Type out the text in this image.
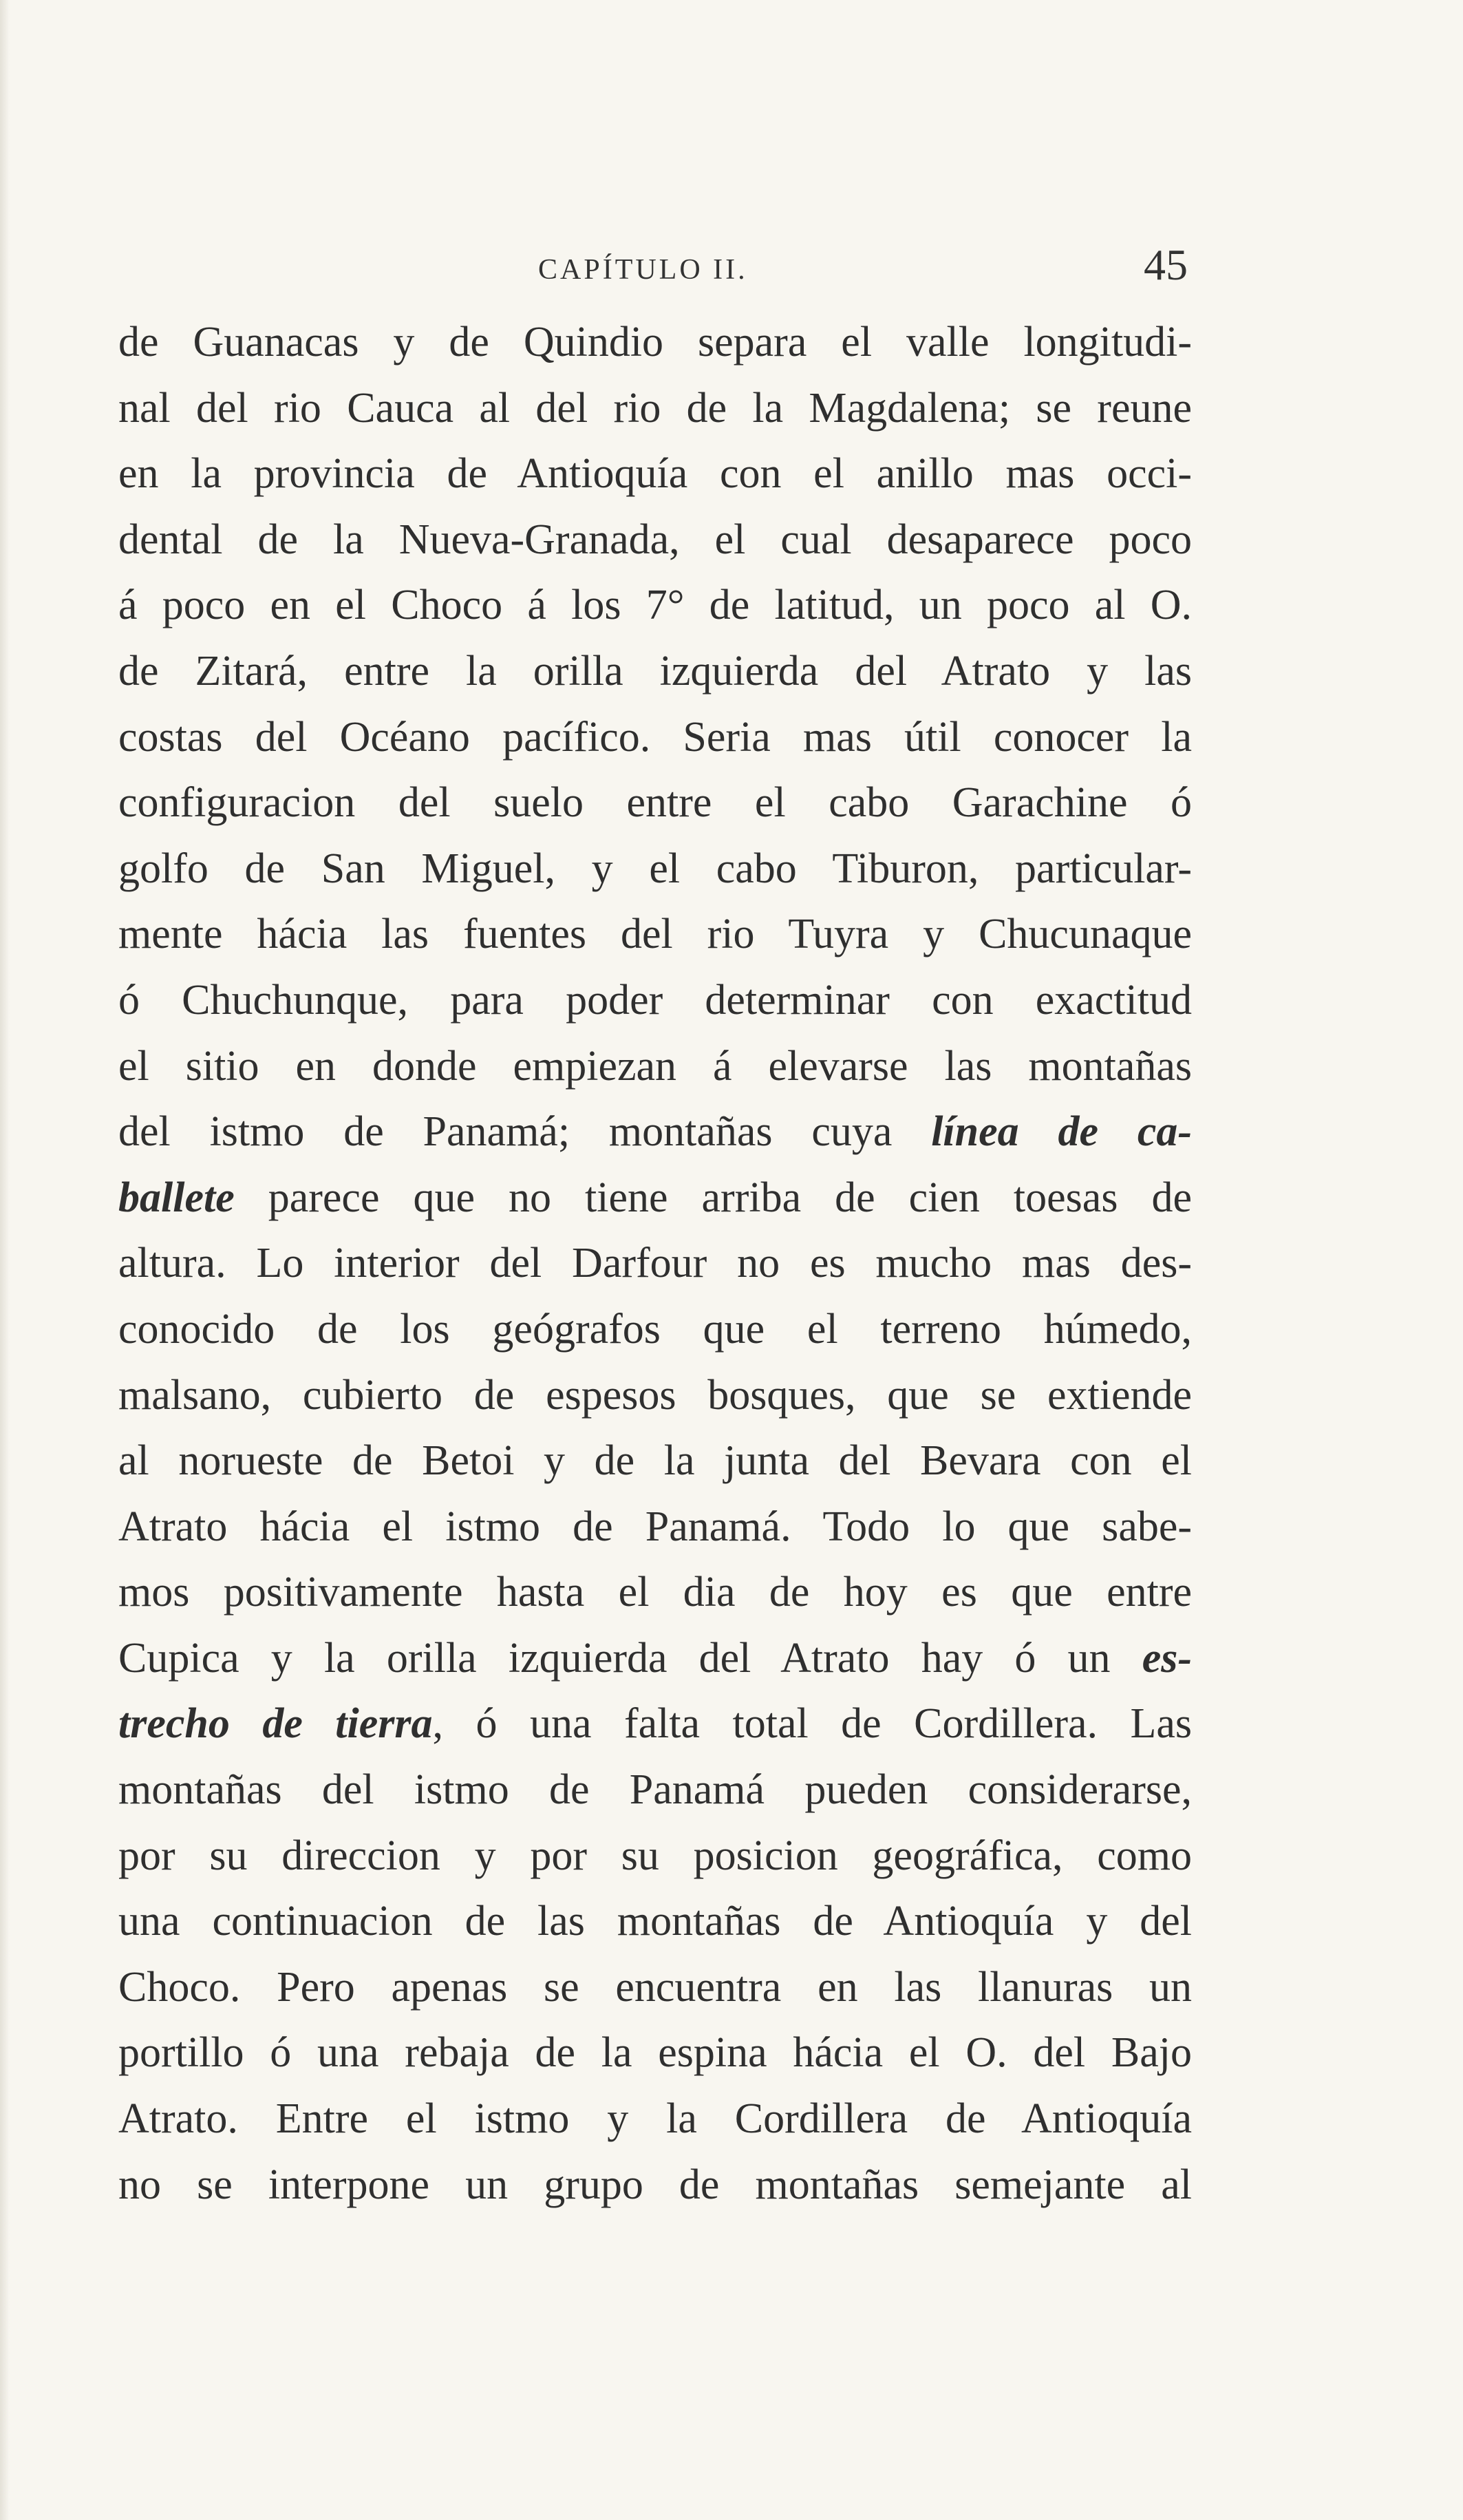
CAPÍTULO II.	45
de Guanacas y de Quindio separa el valle longitudi-
nal del rio Cauca al del rio de la Magdalena; se reune
en la provincia de Antioquía con el anillo mas occi-
dental de la Nueva-Granada, el cual desaparece poco
á poco en el Choco á los 7° de latitud, un poco al O.
de Zitará, entre la orilla izquierda del Atrato y las
costas del Océano pacífico. Seria mas útil conocer la
configuracion del suelo entre el cabo Garachine ó
golfo de San Miguel, y el cabo Tiburon, particular-
mente hácia las fuentes del rio Tuyra y Chucunaque
ó Chuchunque, para poder determinar con exactitud
el sitio en donde empiezan á elevarse las montañas
del istmo de Panamá; montañas cuya línea de ca-
ballete parece que no tiene arriba de cien toesas de
altura. Lo interior del Darfour no es mucho mas des-
conocido de los geógrafos que el terreno húmedo,
malsano, cubierto de espesos bosques, que se extiende
al norueste de Betoi y de la junta del Bevara con el
Atrato hácia el istmo de Panamá. Todo lo que sabe-
mos positivamente hasta el dia de hoy es que entre
Cupica y la orilla izquierda del Atrato hay ó un es-
trecho de tierra, ó una falta total de Cordillera. Las
montañas del istmo de Panamá pueden considerarse,
por su direccion y por su posicion geográfica, como
una continuacion de las montañas de Antioquía y del
Choco. Pero apenas se encuentra en las llanuras un
portillo ó una rebaja de la espina hácia el O. del Bajo
Atrato. Entre el istmo y la Cordillera de Antioquía
no se interpone un grupo de montañas semejante al
